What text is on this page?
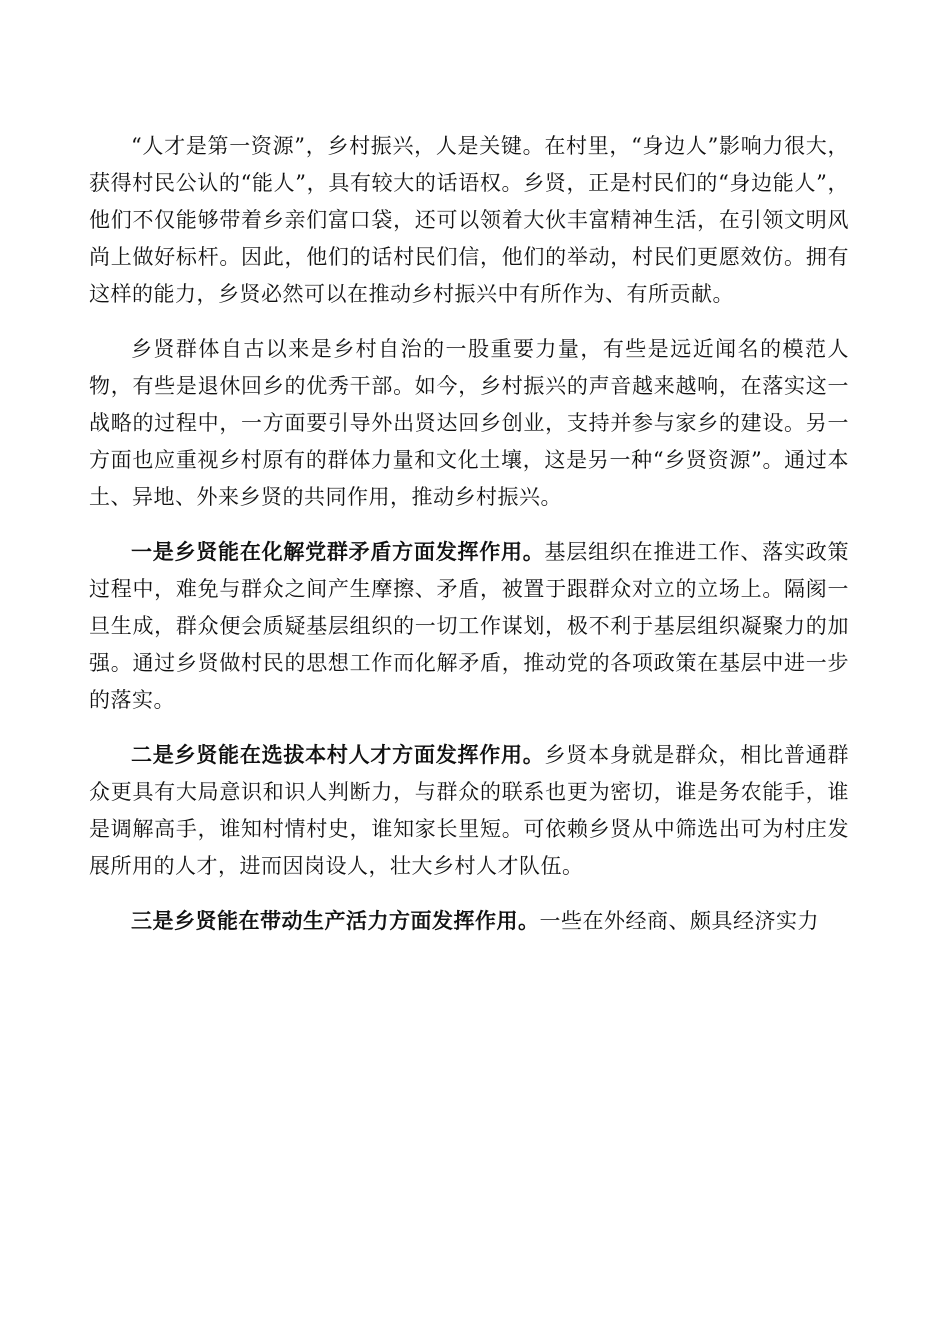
“人才是第一资源”，乡村振兴，人是关键。在村里，“身边人”影响力很大，获得村民公认的“能人”，具有较大的话语权。乡贤，正是村民们的“身边能人”，他们不仅能够带着乡亲们富口袋，还可以领着大伙丰富精神生活，在引领文明风尚上做好标杆。因此，他们的话村民们信，他们的举动，村民们更愿效仿。拥有这样的能力，乡贤必然可以在推动乡村振兴中有所作为、有所贡献。

乡贤群体自古以来是乡村自治的一股重要力量，有些是远近闻名的模范人物，有些是退休回乡的优秀干部。如今，乡村振兴的声音越来越响，在落实这一战略的过程中，一方面要引导外出贤达回乡创业，支持并参与家乡的建设。另一方面也应重视乡村原有的群体力量和文化土壤，这是另一种“乡贤资源”。通过本土、异地、外来乡贤的共同作用，推动乡村振兴。

一是乡贤能在化解党群矛盾方面发挥作用。基层组织在推进工作、落实政策过程中，难免与群众之间产生摩擦、矛盾，被置于跟群众对立的立场上。隔阂一旦生成，群众便会质疑基层组织的一切工作谋划，极不利于基层组织凝聚力的加强。通过乡贤做村民的思想工作而化解矛盾，推动党的各项政策在基层中进一步的落实。

二是乡贤能在选拔本村人才方面发挥作用。乡贤本身就是群众，相比普通群众更具有大局意识和识人判断力，与群众的联系也更为密切，谁是务农能手，谁是调解高手，谁知村情村史，谁知家长里短。可依赖乡贤从中筛选出可为村庄发展所用的人才，进而因岗设人，壮大乡村人才队伍。

三是乡贤能在带动生产活力方面发挥作用。一些在外经商、颇具经济实力
